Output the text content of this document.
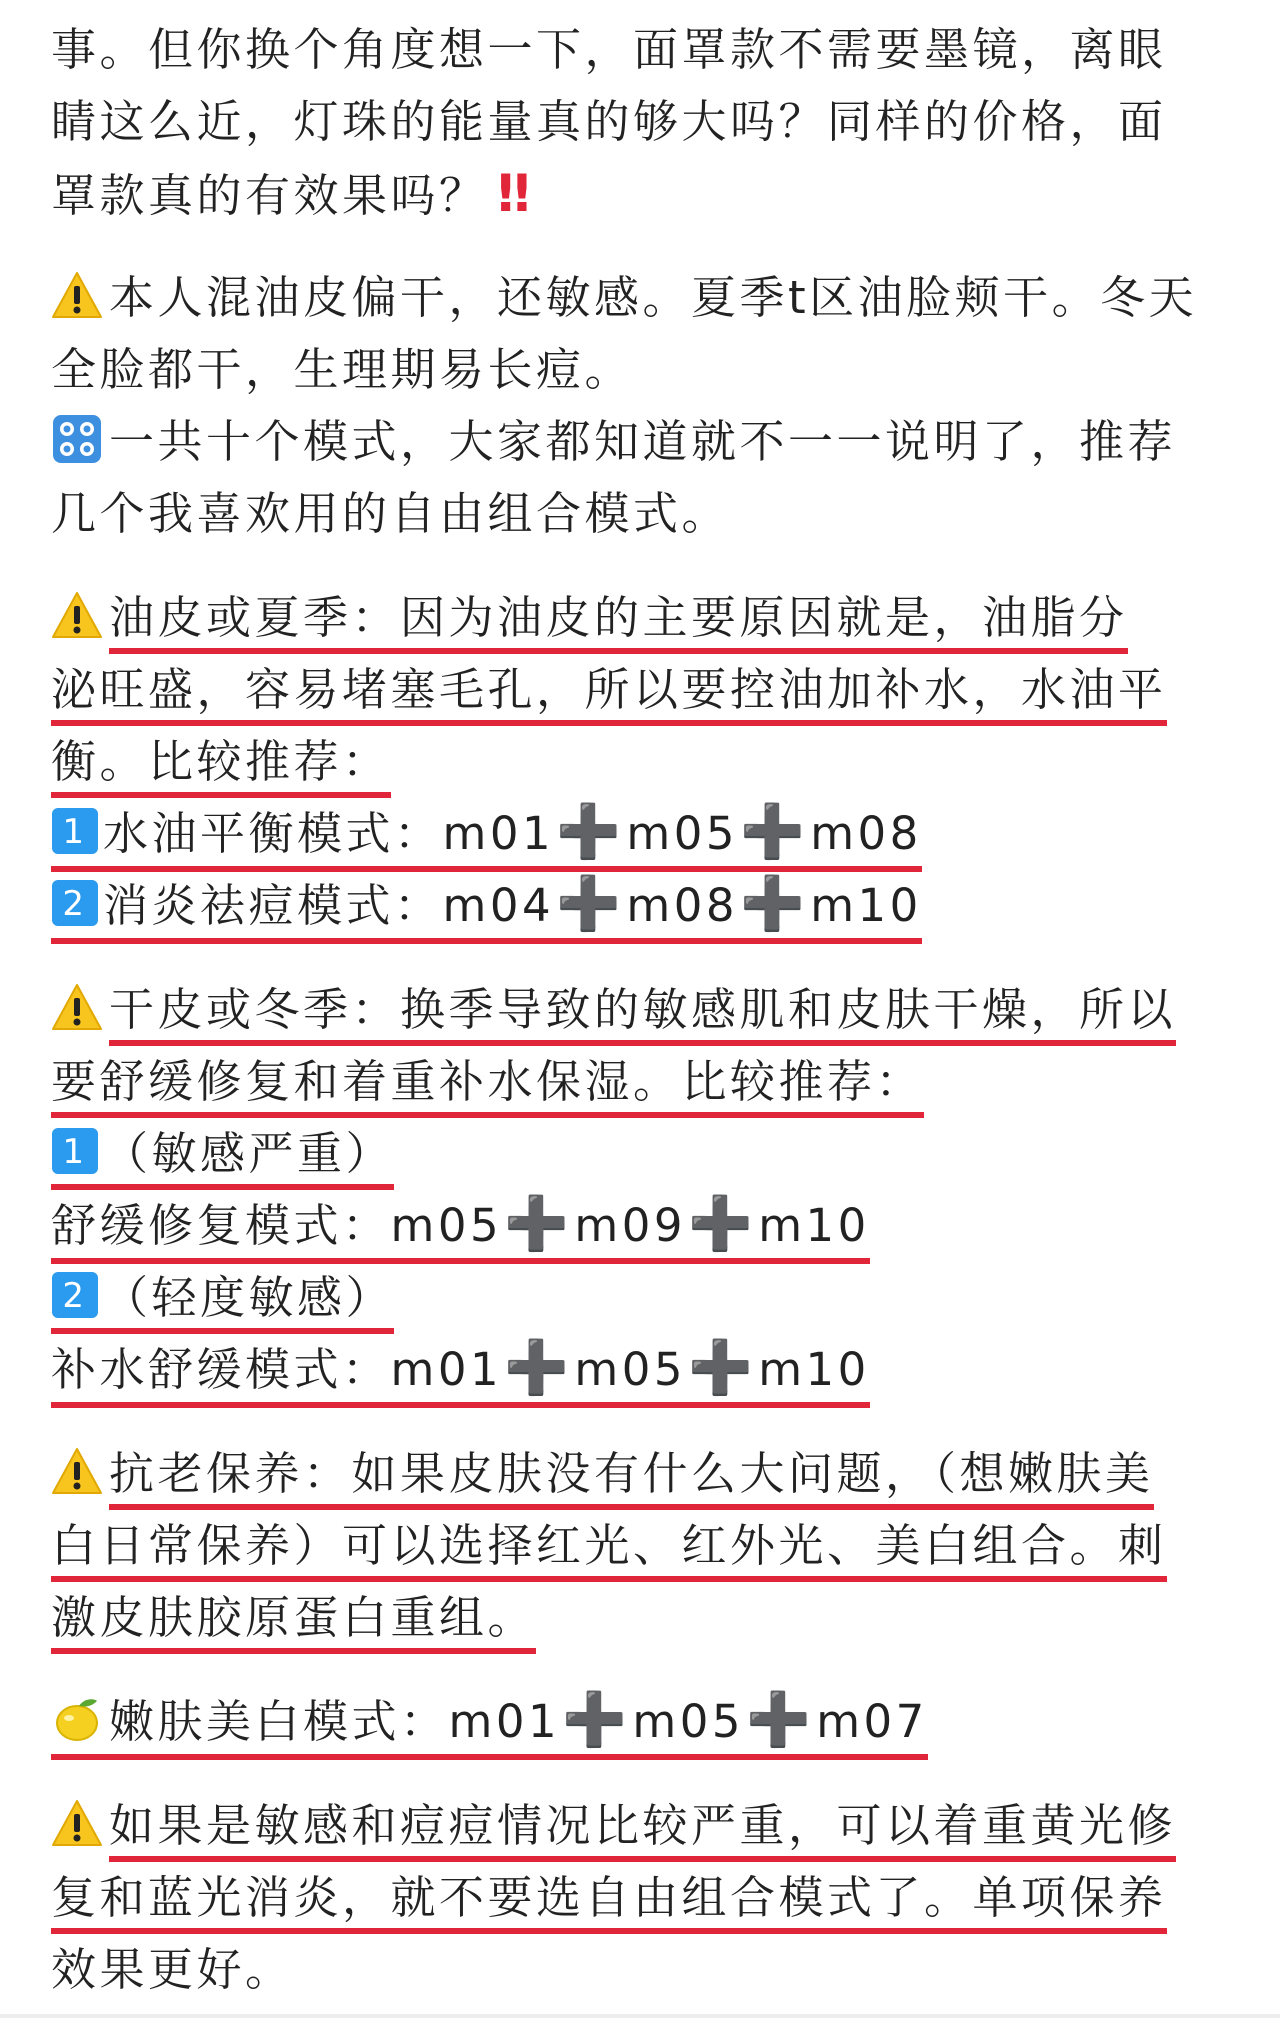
事。但你换个角度想一下，面罩款不需要墨镜，离眼
睛这么近，灯珠的能量真的够大吗？同样的价格，面
罩款真的有效果吗？ ‼
本人混油皮偏干，还敏感。夏季t区油脸颊干。冬天
全脸都干，生理期易长痘。
一共十个模式，大家都知道就不一一说明了，推荐
几个我喜欢用的自由组合模式。
油皮或夏季：因为油皮的主要原因就是，油脂分
泌旺盛，容易堵塞毛孔，所以要控油加补水，水油平
衡。比较推荐：
1 水油平衡模式：m01➕m05➕m08
2 消炎祛痘模式：m04➕m08➕m10
干皮或冬季：换季导致的敏感肌和皮肤干燥，所以
要舒缓修复和着重补水保湿。比较推荐：
1 （敏感严重）
舒缓修复模式：m05➕m09➕m10
2 （轻度敏感）
补水舒缓模式：m01➕m05➕m10
抗老保养：如果皮肤没有什么大问题，（想嫩肤美
白日常保养）可以选择红光、红外光、美白组合。刺
激皮肤胶原蛋白重组。
嫩肤美白模式：m01➕m05➕m07
如果是敏感和痘痘情况比较严重，可以着重黄光修
复和蓝光消炎，就不要选自由组合模式了。单项保养
效果更好。
